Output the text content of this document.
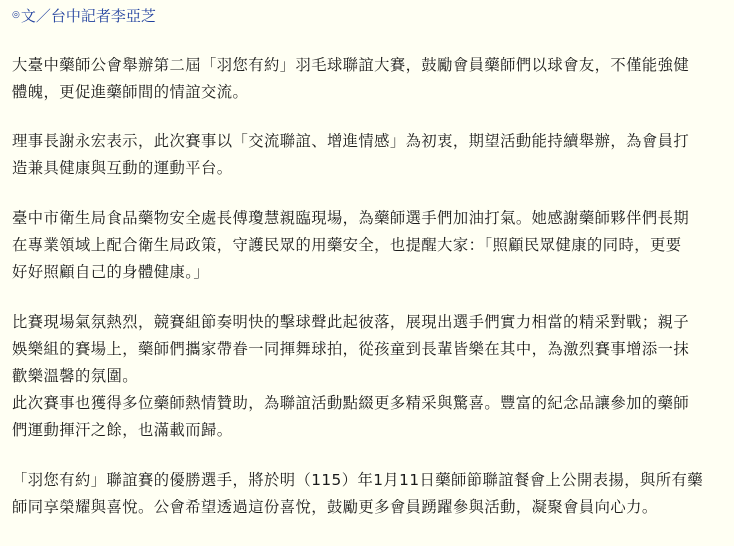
◎ 文／台中記者李亞芝

大臺中藥師公會舉辦第二屆「羽您有約」羽毛球聯誼大賽，鼓勵會員藥師們以球會友，不僅能強健
體魄，更促進藥師間的情誼交流。

理事長謝永宏表示，此次賽事以「交流聯誼、增進情感」為初衷，期望活動能持續舉辦，為會員打
造兼具健康與互動的運動平台。

臺中市衛生局食品藥物安全處長傅瓊慧親臨現場，為藥師選手們加油打氣。她感謝藥師夥伴們長期
在專業領域上配合衛生局政策，守護民眾的用藥安全，也提醒大家：「照顧民眾健康的同時，更要
好好照顧自己的身體健康。」

比賽現場氣氛熱烈，競賽組節奏明快的擊球聲此起彼落，展現出選手們實力相當的精采對戰；親子
娛樂組的賽場上，藥師們攜家帶眷一同揮舞球拍，從孩童到長輩皆樂在其中，為激烈賽事增添一抹
歡樂溫馨的氛圍。

此次賽事也獲得多位藥師熱情贊助，為聯誼活動點綴更多精采與驚喜。豐富的紀念品讓參加的藥師
們運動揮汗之餘，也滿載而歸。

「羽您有約」聯誼賽的優勝選手，將於明（115）年1月11日藥師節聯誼餐會上公開表揚，與所有藥
師同享榮耀與喜悅。公會希望透過這份喜悅，鼓勵更多會員踴躍參與活動，凝聚會員向心力。
